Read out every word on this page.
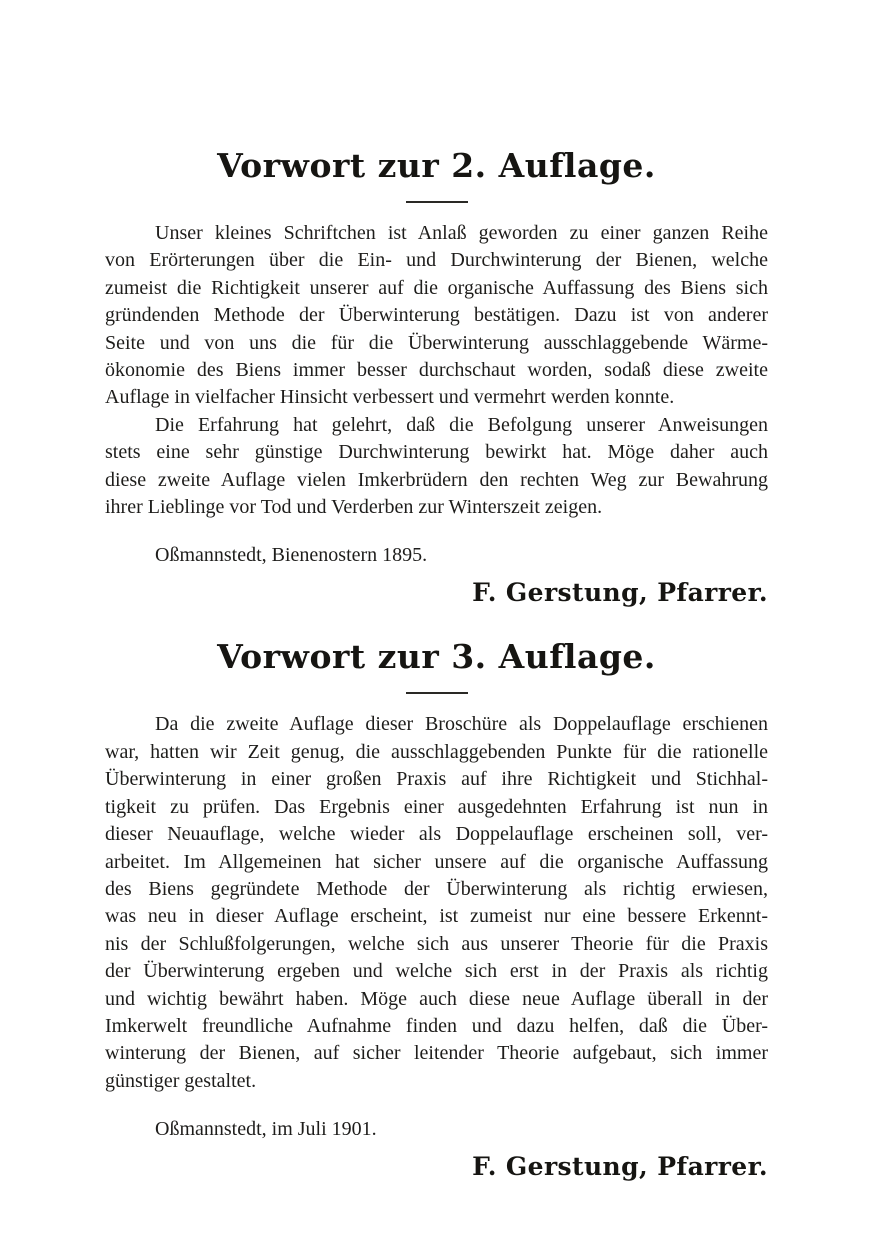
Vorwort zur 2. Auflage.
Unser kleines Schriftchen ist Anlaß geworden zu einer ganzen Reihe
von Erörterungen über die Ein- und Durchwinterung der Bienen, welche
zumeist die Richtigkeit unserer auf die organische Auffassung des Biens sich
gründenden Methode der Überwinterung bestätigen. Dazu ist von anderer
Seite und von uns die für die Überwinterung ausschlaggebende Wärme-
ökonomie des Biens immer besser durchschaut worden, sodaß diese zweite
Auflage in vielfacher Hinsicht verbessert und vermehrt werden konnte.
Die Erfahrung hat gelehrt, daß die Befolgung unserer Anweisungen
stets eine sehr günstige Durchwinterung bewirkt hat. Möge daher auch
diese zweite Auflage vielen Imkerbrüdern den rechten Weg zur Bewahrung
ihrer Lieblinge vor Tod und Verderben zur Winterszeit zeigen.
Oßmannstedt, Bienenostern 1895.
F. Gerstung, Pfarrer.
Vorwort zur 3. Auflage.
Da die zweite Auflage dieser Broschüre als Doppelauflage erschienen
war, hatten wir Zeit genug, die ausschlaggebenden Punkte für die rationelle
Überwinterung in einer großen Praxis auf ihre Richtigkeit und Stichhal-
tigkeit zu prüfen. Das Ergebnis einer ausgedehnten Erfahrung ist nun in
dieser Neuauflage, welche wieder als Doppelauflage erscheinen soll, ver-
arbeitet. Im Allgemeinen hat sicher unsere auf die organische Auffassung
des Biens gegründete Methode der Überwinterung als richtig erwiesen,
was neu in dieser Auflage erscheint, ist zumeist nur eine bessere Erkennt-
nis der Schlußfolgerungen, welche sich aus unserer Theorie für die Praxis
der Überwinterung ergeben und welche sich erst in der Praxis als richtig
und wichtig bewährt haben. Möge auch diese neue Auflage überall in der
Imkerwelt freundliche Aufnahme finden und dazu helfen, daß die Über-
winterung der Bienen, auf sicher leitender Theorie aufgebaut, sich immer
günstiger gestaltet.
Oßmannstedt, im Juli 1901.
F. Gerstung, Pfarrer.
